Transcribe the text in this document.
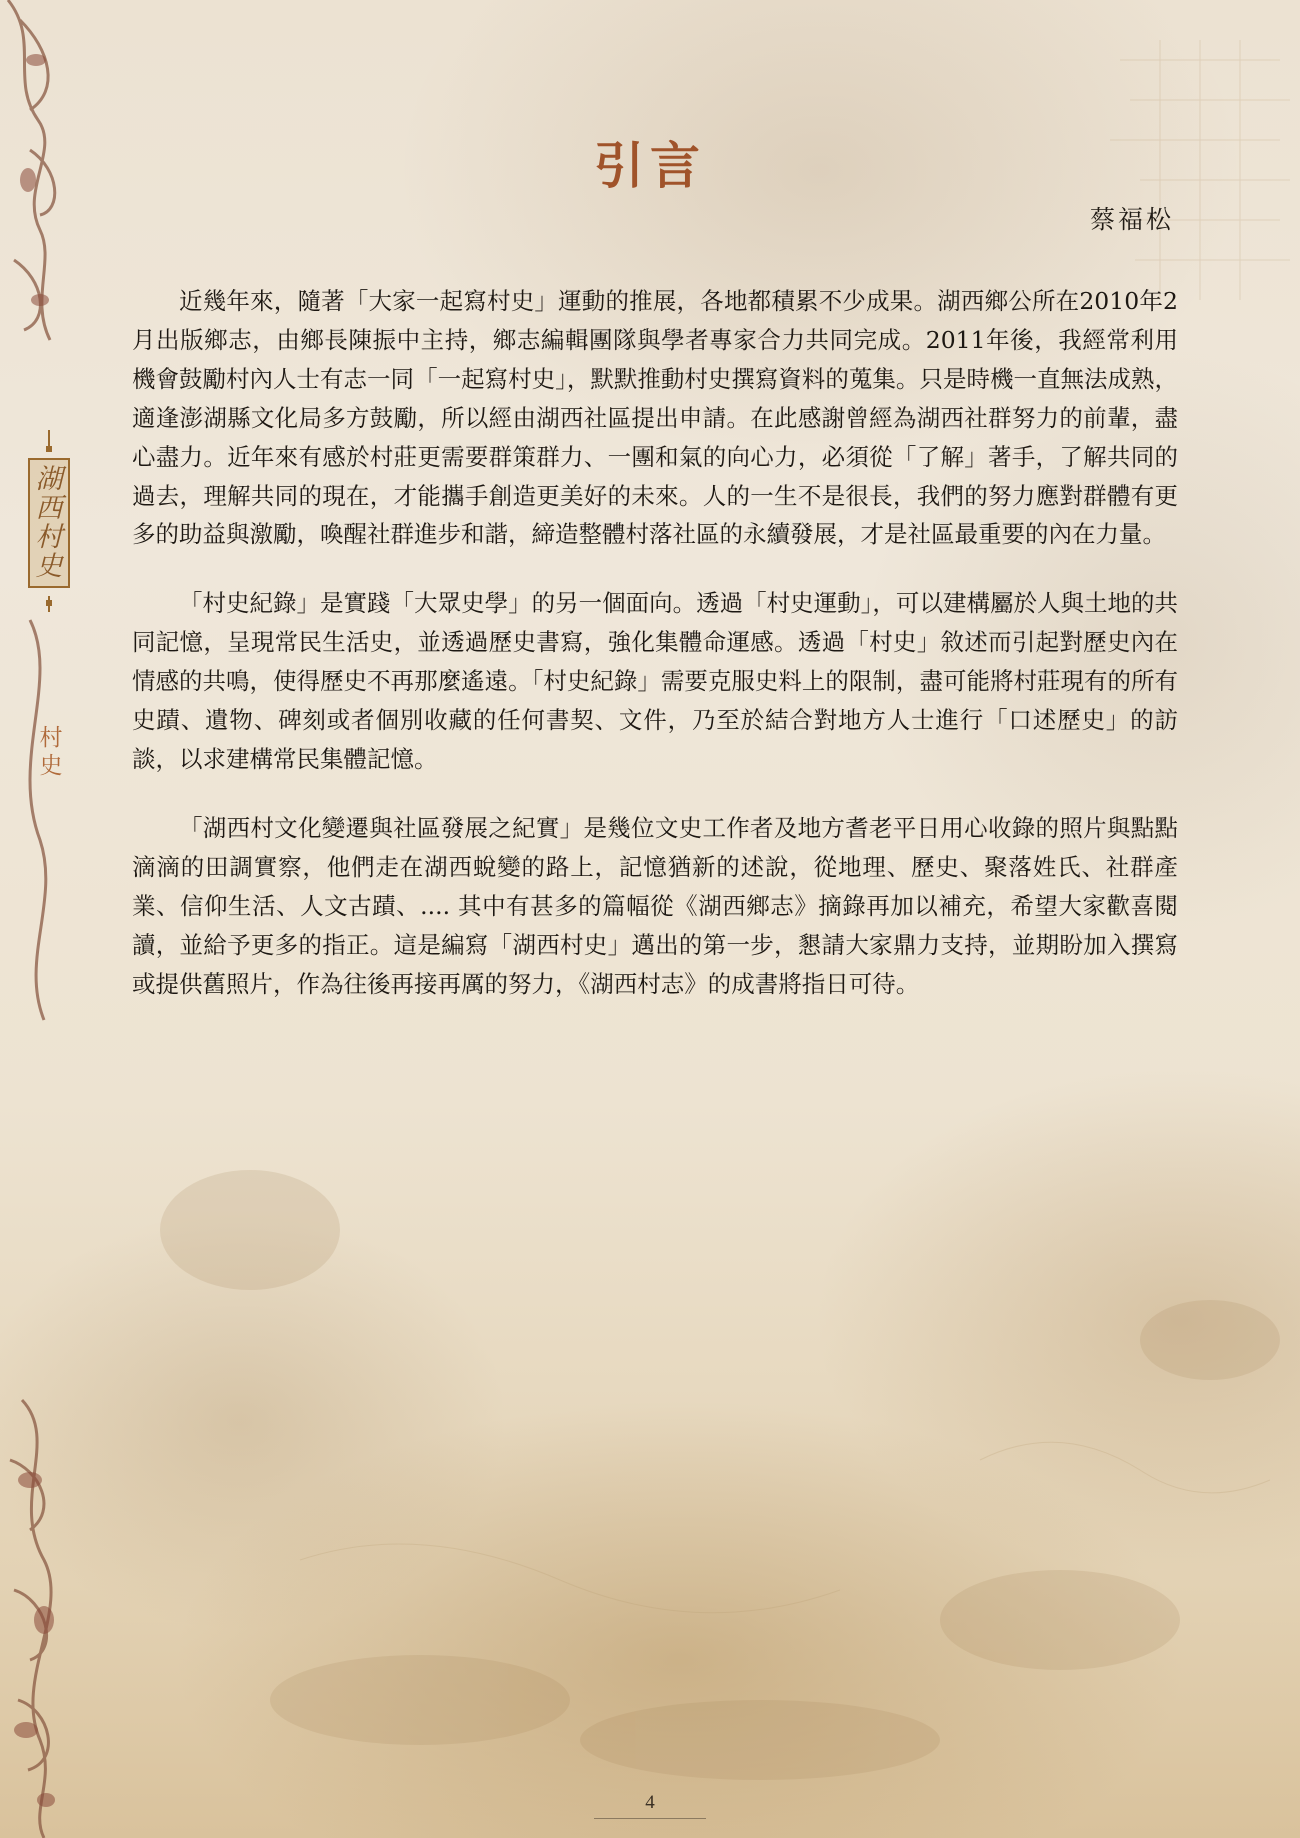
湖
西
村
史
村
史
引言
蔡福松

近幾年來，隨著「大家一起寫村史」運動的推展，各地都積累不少成果。湖西鄉公所在2010年2月出版鄉志，由鄉長陳振中主持，鄉志編輯團隊與學者專家合力共同完成。2011年後，我經常利用機會鼓勵村內人士有志一同「一起寫村史」，默默推動村史撰寫資料的蒐集。只是時機一直無法成熟，適逢澎湖縣文化局多方鼓勵，所以經由湖西社區提出申請。在此感謝曾經為湖西社群努力的前輩，盡心盡力。近年來有感於村莊更需要群策群力、一團和氣的向心力，必須從「了解」著手，了解共同的過去，理解共同的現在，才能攜手創造更美好的未來。人的一生不是很長，我們的努力應對群體有更多的助益與激勵，喚醒社群進步和諧，締造整體村落社區的永續發展，才是社區最重要的內在力量。

「村史紀錄」是實踐「大眾史學」的另一個面向。透過「村史運動」，可以建構屬於人與土地的共同記憶，呈現常民生活史，並透過歷史書寫，強化集體命運感。透過「村史」敘述而引起對歷史內在情感的共鳴，使得歷史不再那麼遙遠。「村史紀錄」需要克服史料上的限制，盡可能將村莊現有的所有史蹟、遺物、碑刻或者個別收藏的任何書契、文件，乃至於結合對地方人士進行「口述歷史」的訪談，以求建構常民集體記憶。

「湖西村文化變遷與社區發展之紀實」是幾位文史工作者及地方耆老平日用心收錄的照片與點點滴滴的田調實察，他們走在湖西蛻變的路上，記憶猶新的述說，從地理、歷史、聚落姓氏、社群產業、信仰生活、人文古蹟、.... 其中有甚多的篇幅從《湖西鄉志》摘錄再加以補充，希望大家歡喜閱讀，並給予更多的指正。這是編寫「湖西村史」邁出的第一步，懇請大家鼎力支持，並期盼加入撰寫或提供舊照片，作為往後再接再厲的努力，《湖西村志》的成書將指日可待。

4
